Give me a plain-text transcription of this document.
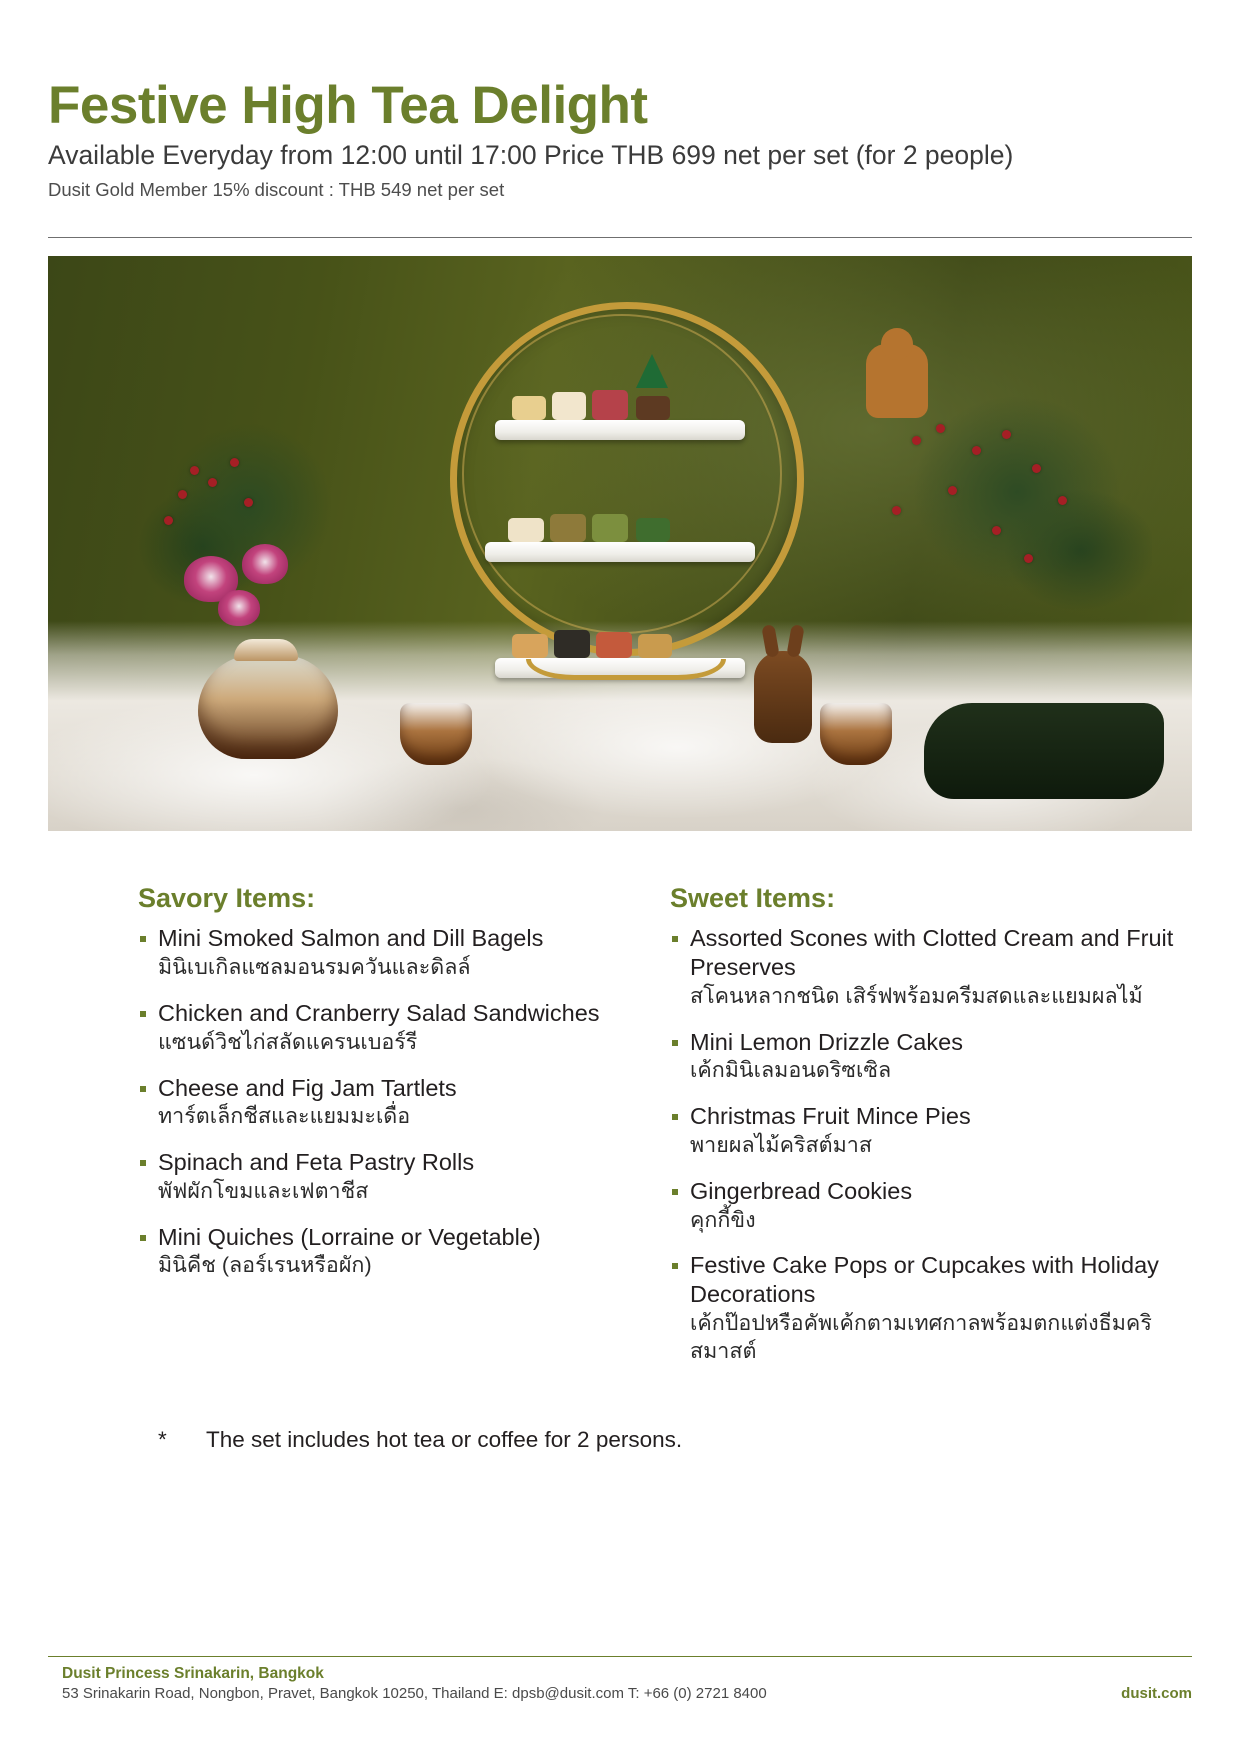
Festive High Tea Delight

Available Everyday from 12:00 until 17:00 Price THB 699 net per set (for 2 people)

Dusit Gold Member 15% discount : THB 549 net per set

Savory Items:
Mini Smoked Salmon and Dill Bagels
มินิเบเกิลแซลมอนรมควันและดิลล์
Chicken and Cranberry Salad Sandwiches
แซนด์วิชไก่สลัดแครนเบอร์รี
Cheese and Fig Jam Tartlets
ทาร์ตเล็กชีสและแยมมะเดื่อ
Spinach and Feta Pastry Rolls
พัฟผักโขมและเฟตาชีส
Mini Quiches (Lorraine or Vegetable)
มินิคีช (ลอร์เรนหรือผัก)
Sweet Items:
Assorted Scones with Clotted Cream and Fruit Preserves
สโคนหลากชนิด เสิร์ฟพร้อมครีมสดและแยมผลไม้
Mini Lemon Drizzle Cakes
เค้กมินิเลมอนดริซเซิล
Christmas Fruit Mince Pies
พายผลไม้คริสต์มาส
Gingerbread Cookies
คุกกี้ขิง
Festive Cake Pops or Cupcakes with Holiday Decorations
เค้กป๊อปหรือคัพเค้กตามเทศกาลพร้อมตกแต่งธีมคริสมาสต์
*	The set includes hot tea or coffee for 2 persons.

Dusit Princess Srinakarin, Bangkok

53 Srinakarin Road, Nongbon, Pravet, Bangkok 10250, Thailand E: dpsb@dusit.com T: +66 (0) 2721 8400	dusit.com
